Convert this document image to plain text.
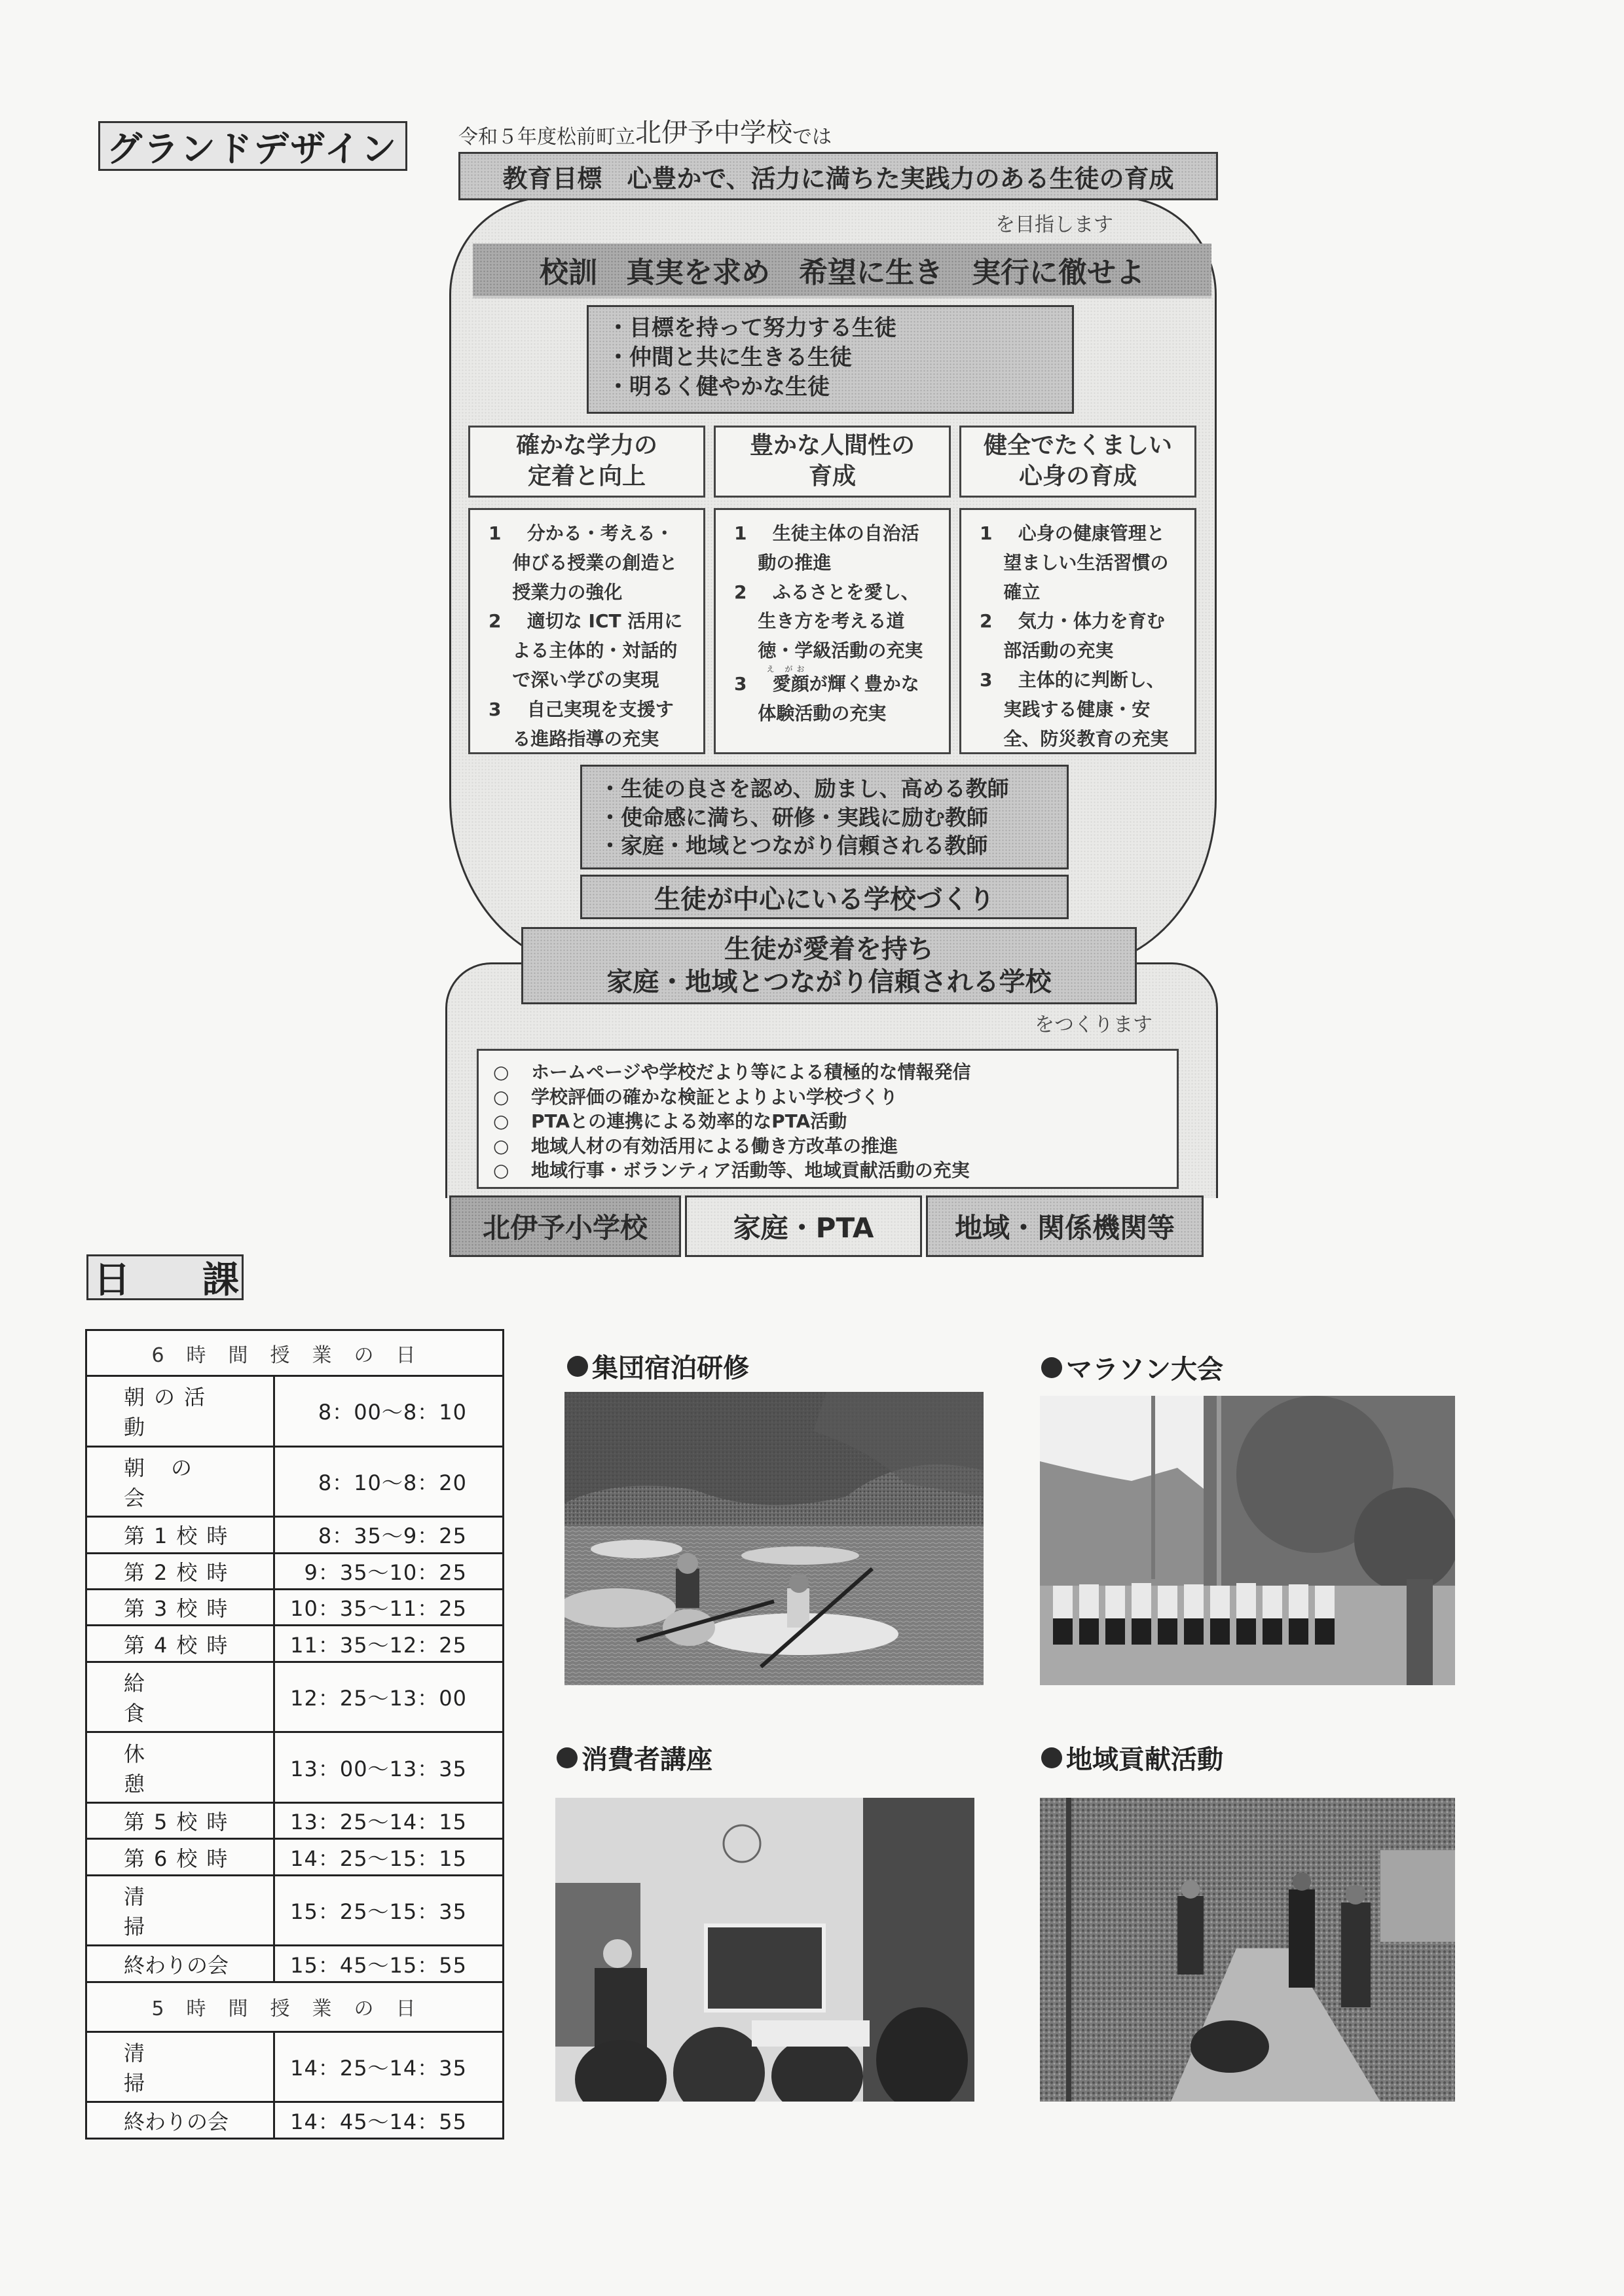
グランドデザイン	令和５年度松前町立 北伊予中学校 では
教育目標　心豊かで、活力に満ちた実践力のある生徒の育成
を目指します
校訓　真実を求め　希望に生き　実行に徹せよ
・目標を持って努力する生徒
・仲間と共に生きる生徒
・明るく健やかな生徒
確かな学力の
定着と向上
豊かな人間性の
育成
健全でたくましい
心身の育成
1 分かる・考える・伸びる授業の創造と授業力の強化
2 適切な ICT 活用による主体的・対話的で深い学びの実現
3 自己実現を支援する進路指導の充実
1 生徒主体の自治活動の推進
2 ふるさとを愛し、生き方を考える道徳・学級活動の充実
え がお
3 愛顔が輝く豊かな体験活動の充実
1 心身の健康管理と望ましい生活習慣の確立
2 気力・体力を育む部活動の充実
3 主体的に判断し、実践する健康・安全、防災教育の充実
・生徒の良さを認め、励まし、高める教師
・使命感に満ち、研修・実践に励む教師
・家庭・地域とつながり信頼される教師
生徒が中心にいる学校づくり
生徒が愛着を持ち
家庭・地域とつながり信頼される学校
をつくります
○ ホームページや学校だより等による積極的な情報発信
○ 学校評価の確かな検証とよりよい学校づくり
○ PTAとの連携による効率的なPTA活動
○ 地域人材の有効活用による働き方改革の推進
○ 地域行事・ボランティア活動等、地域貢献活動の充実
北伊予小学校	家庭・PTA	地域・関係機関等
日 課
6時間授業の日	

朝の活動	8：00〜8：10

朝の会	8：10〜8：20

第1校時	8：35〜9：25

第2校時	9：35〜10：25

第3校時	10：35〜11：25

第4校時	11：35〜12：25

給食	12：25〜13：00

休憩	13：00〜13：35

第5校時	13：25〜14：15

第6校時	14：25〜15：15

清掃	15：25〜15：35

終わりの会	15：45〜15：55

5時間授業の日	

清掃	14：25〜14：35

終わりの会	14：45〜14：55
集団宿泊研修	マラソン大会
消費者講座	地域貢献活動
